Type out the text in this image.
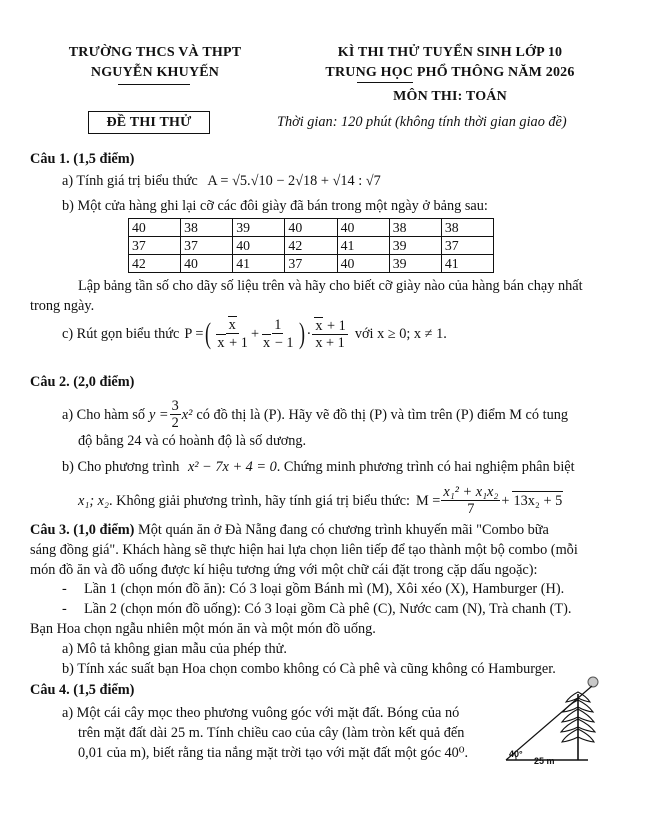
TRƯỜNG THCS VÀ THPT
NGUYỄN KHUYẾN
KÌ THI THỬ TUYỂN SINH LỚP 10
TRUNG HỌC PHỔ THÔNG NĂM 2026
MÔN THI: TOÁN
ĐỀ THI THỬ	Thời gian: 120 phút (không tính thời gian giao đề)
Câu 1. (1,5 điểm)
a) Tính giá trị biểu thức A = √5.√10 − 2√18 + √14 : √7
b) Một cửa hàng ghi lại cỡ các đôi giày đã bán trong một ngày ở bảng sau:
40	38	39	40	40	38	38
37	37	40	42	41	39	37
42	40	41	37	40	39	41
Lập bảng tần số cho dãy số liệu trên và hãy cho biết cỡ giày nào của hàng bán chạy nhất
trong ngày.
c) Rút gọn biểu thức P = ( $\frac{x}{x + 1} + \frac{1}{x - 1}$ ) · $\frac{x + 1}{x + 1}$ với x ≥ 0; x ≠ 1.
Câu 2. (2,0 điểm)
a) Cho hàm số $y = \frac{3}{2} x^2$ có đồ thị là (P). Hãy vẽ đồ thị (P) và tìm trên (P) điểm M có tung
độ bằng 24 và có hoành độ là số dương.
b) Cho phương trình x² − 7x + 4 = 0. Chứng minh phương trình có hai nghiệm phân biệt
x₁; x₂ . Không giải phương trình, hãy tính giá trị biểu thức: $M = \frac{\text{x₁² + x₁x₂}}{7} + 13x_2 + 5$
Câu 3. (1,0 điểm) Một quán ăn ở Đà Nẵng đang có chương trình khuyến mãi "Combo bữa
sáng đồng giá". Khách hàng sẽ thực hiện hai lựa chọn liên tiếp để tạo thành một bộ combo (mỗi
món đồ ăn và đồ uống được kí hiệu tương ứng với một chữ cái đặt trong cặp dấu ngoặc):
- Lần 1 (chọn món đồ ăn): Có 3 loại gồm Bánh mì (M), Xôi xéo (X), Hamburger (H).
- Lần 2 (chọn món đồ uống): Có 3 loại gồm Cà phê (C), Nước cam (N), Trà chanh (T).
Bạn Hoa chọn ngẫu nhiên một món ăn và một món đồ uống.
a) Mô tả không gian mẫu của phép thử.
b) Tính xác suất bạn Hoa chọn combo không có Cà phê và cũng không có Hamburger.
Câu 4. (1,5 điểm)
a) Một cái cây mọc theo phương vuông góc với mặt đất. Bóng của nó
trên mặt đất dài 25 m. Tính chiều cao của cây (làm tròn kết quả đến
0,01 của m), biết rằng tia nắng mặt trời tạo với mặt đất một góc 40⁰.	40°
25 m
